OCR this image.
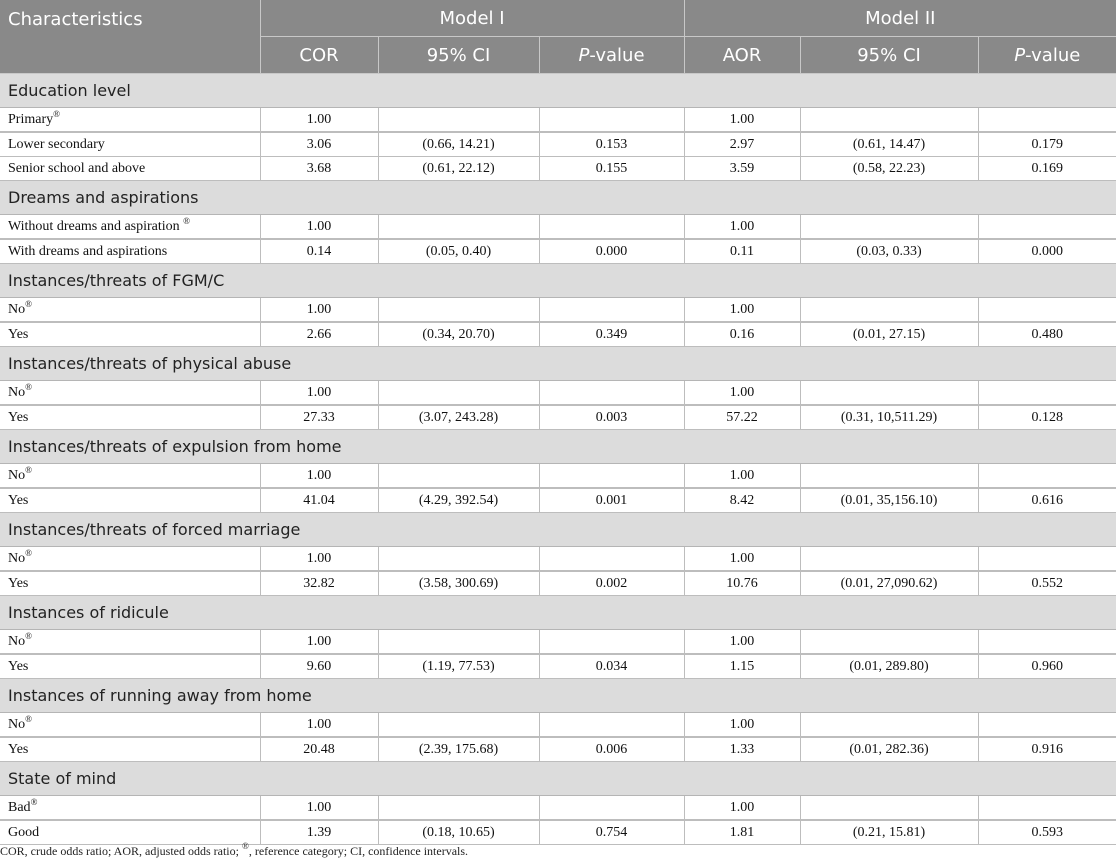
Characteristics	Model I			Model II		
	COR	95% CI	P-value	AOR	95% CI	P-value
Education level						
Primary®	1.00			1.00		
Lower secondary	3.06	(0.66, 14.21)	0.153	2.97	(0.61, 14.47)	0.179
Senior school and above	3.68	(0.61, 22.12)	0.155	3.59	(0.58, 22.23)	0.169
Dreams and aspirations						
Without dreams and aspiration ®	1.00			1.00		
With dreams and aspirations	0.14	(0.05, 0.40)	0.000	0.11	(0.03, 0.33)	0.000
Instances/threats of FGM/C						
No®	1.00			1.00		
Yes	2.66	(0.34, 20.70)	0.349	0.16	(0.01, 27.15)	0.480
Instances/threats of physical abuse						
No®	1.00			1.00		
Yes	27.33	(3.07, 243.28)	0.003	57.22	(0.31, 10,511.29)	0.128
Instances/threats of expulsion from home						
No®	1.00			1.00		
Yes	41.04	(4.29, 392.54)	0.001	8.42	(0.01, 35,156.10)	0.616
Instances/threats of forced marriage						
No®	1.00			1.00		
Yes	32.82	(3.58, 300.69)	0.002	10.76	(0.01, 27,090.62)	0.552
Instances of ridicule						
No®	1.00			1.00		
Yes	9.60	(1.19, 77.53)	0.034	1.15	(0.01, 289.80)	0.960
Instances of running away from home						
No®	1.00			1.00		
Yes	20.48	(2.39, 175.68)	0.006	1.33	(0.01, 282.36)	0.916
State of mind						
Bad®	1.00			1.00		
Good	1.39	(0.18, 10.65)	0.754	1.81	(0.21, 15.81)	0.593
COR, crude odds ratio; AOR, adjusted odds ratio; ®, reference category; CI, confidence intervals.
